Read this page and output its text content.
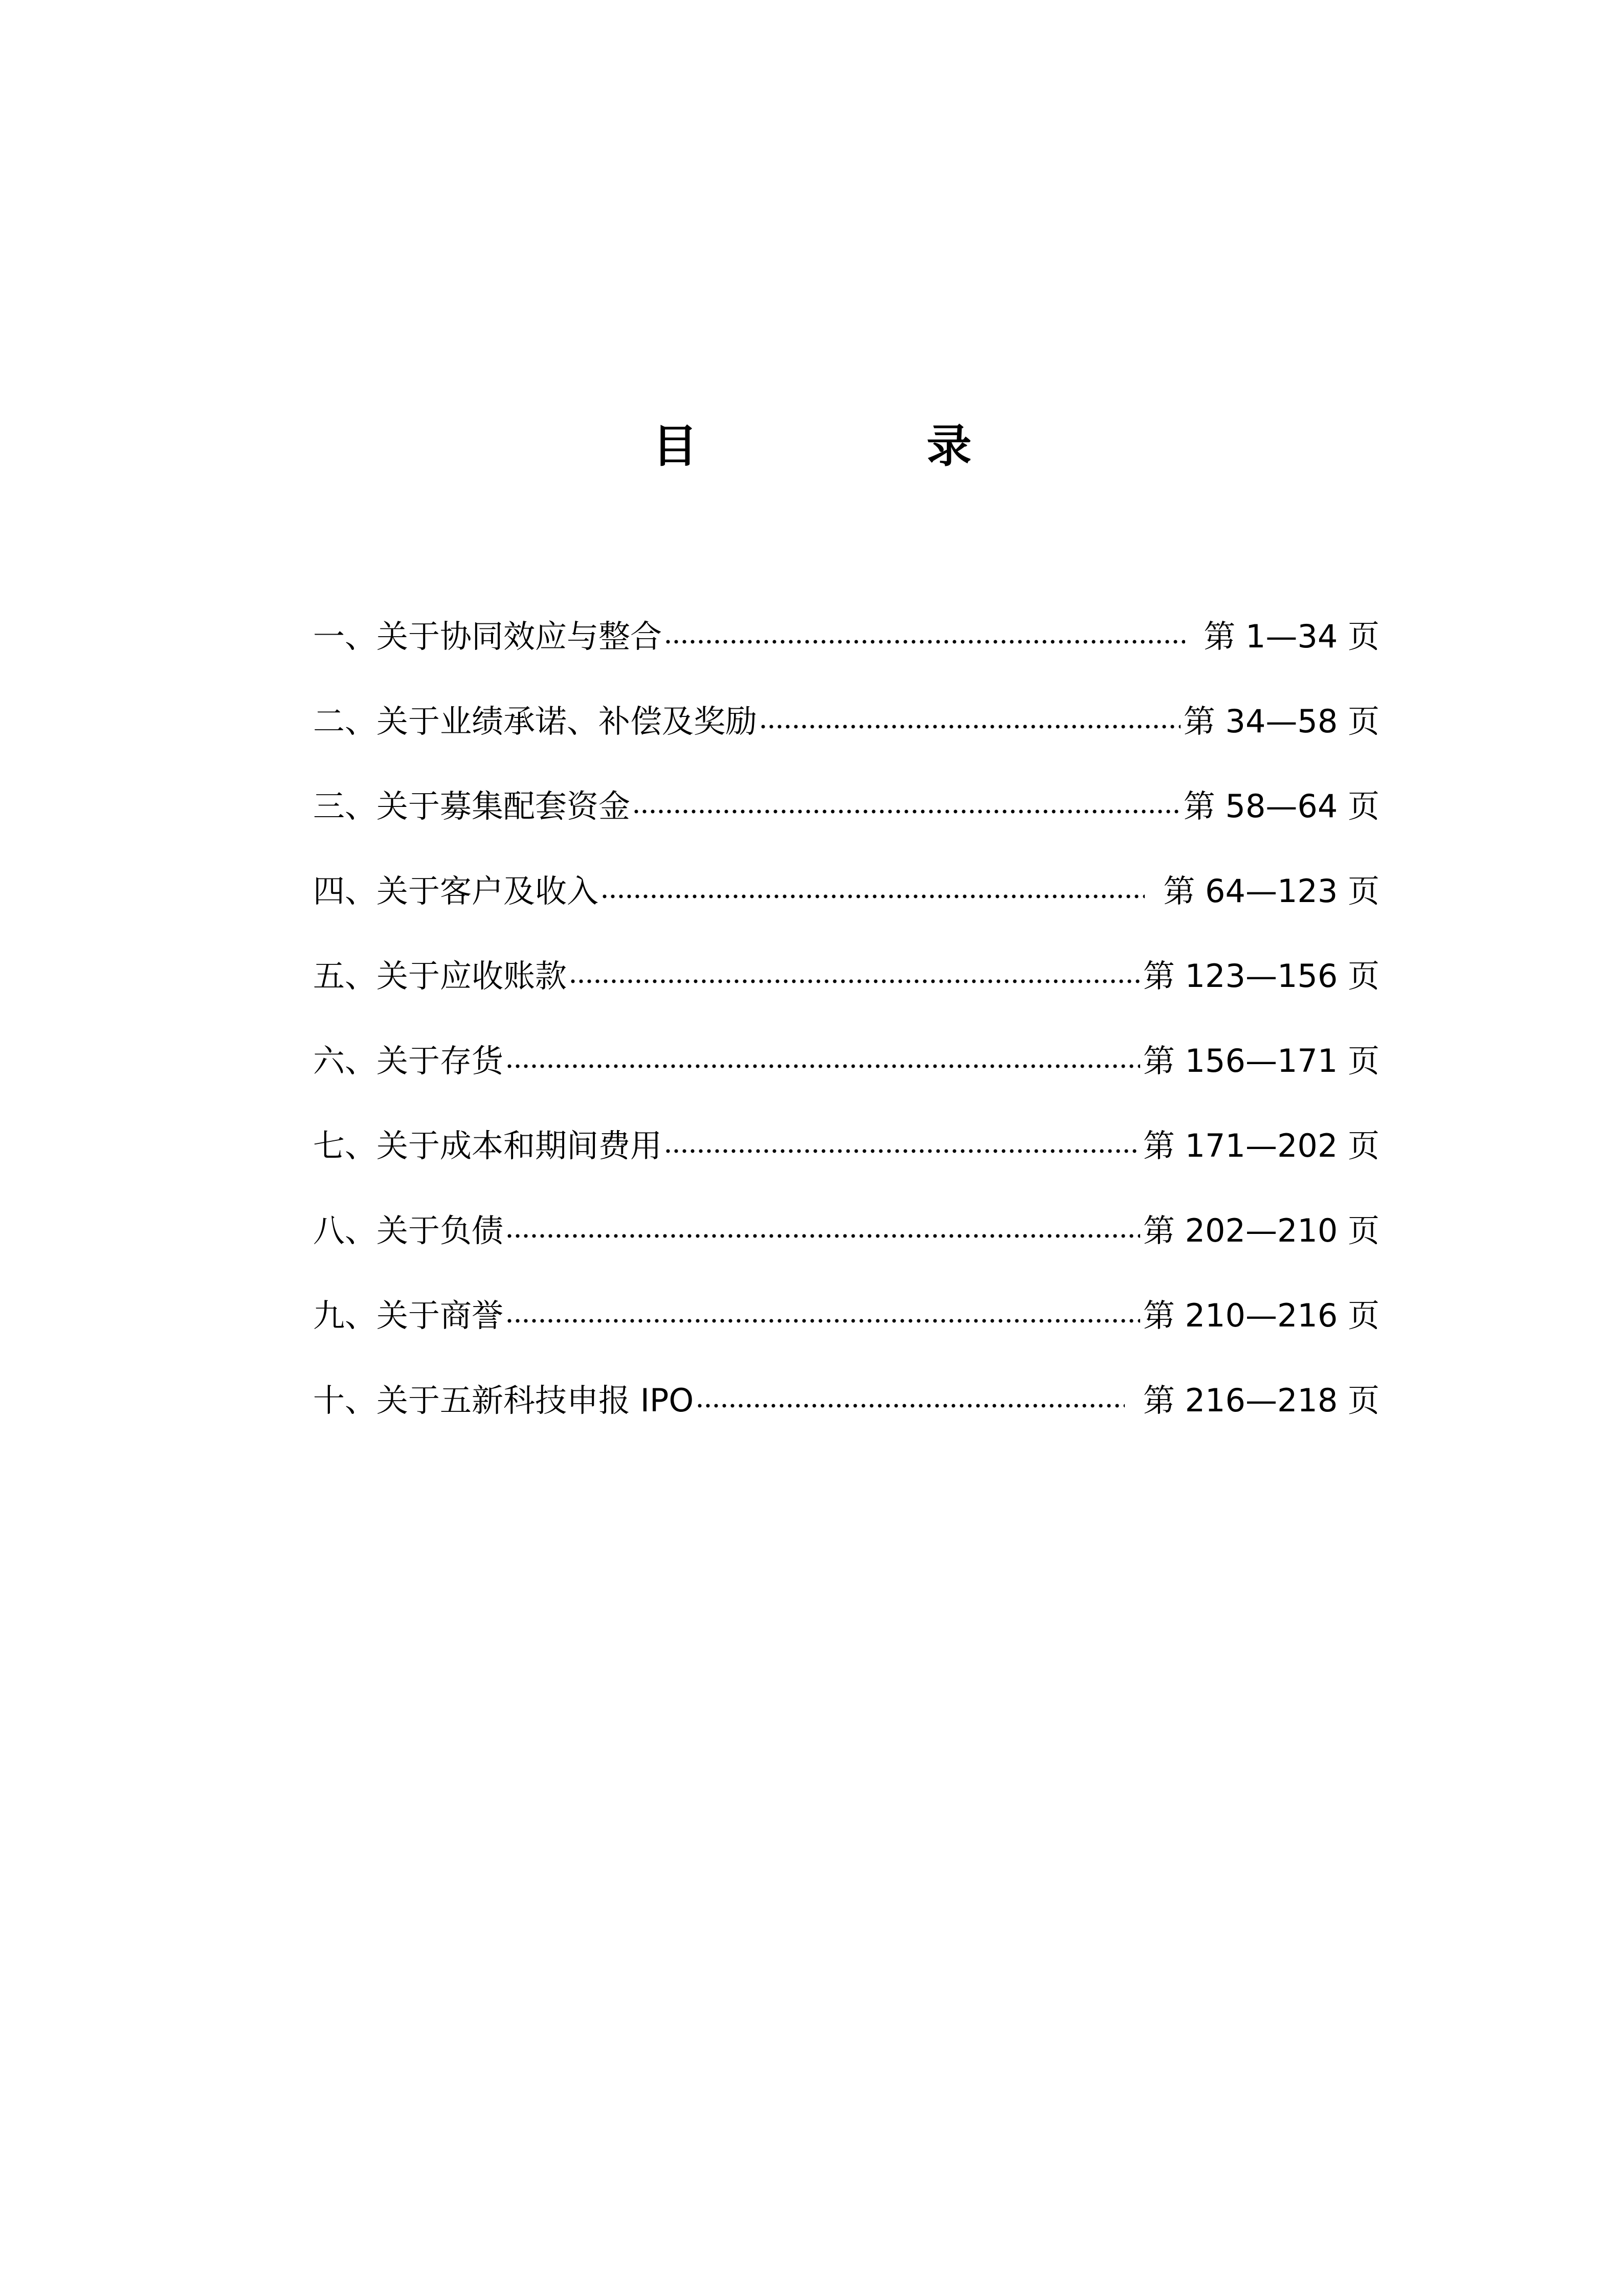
目　录
一、关于协同效应与整合	第 1—34 页
二、关于业绩承诺、补偿及奖励	第 34—58 页
三、关于募集配套资金	第 58—64 页
四、关于客户及收入	第 64—123 页
五、关于应收账款	第 123—156 页
六、关于存货	第 156—171 页
七、关于成本和期间费用	第 171—202 页
八、关于负债	第 202—210 页
九、关于商誉	第 210—216 页
十、关于五新科技申报 IPO	第 216—218 页
